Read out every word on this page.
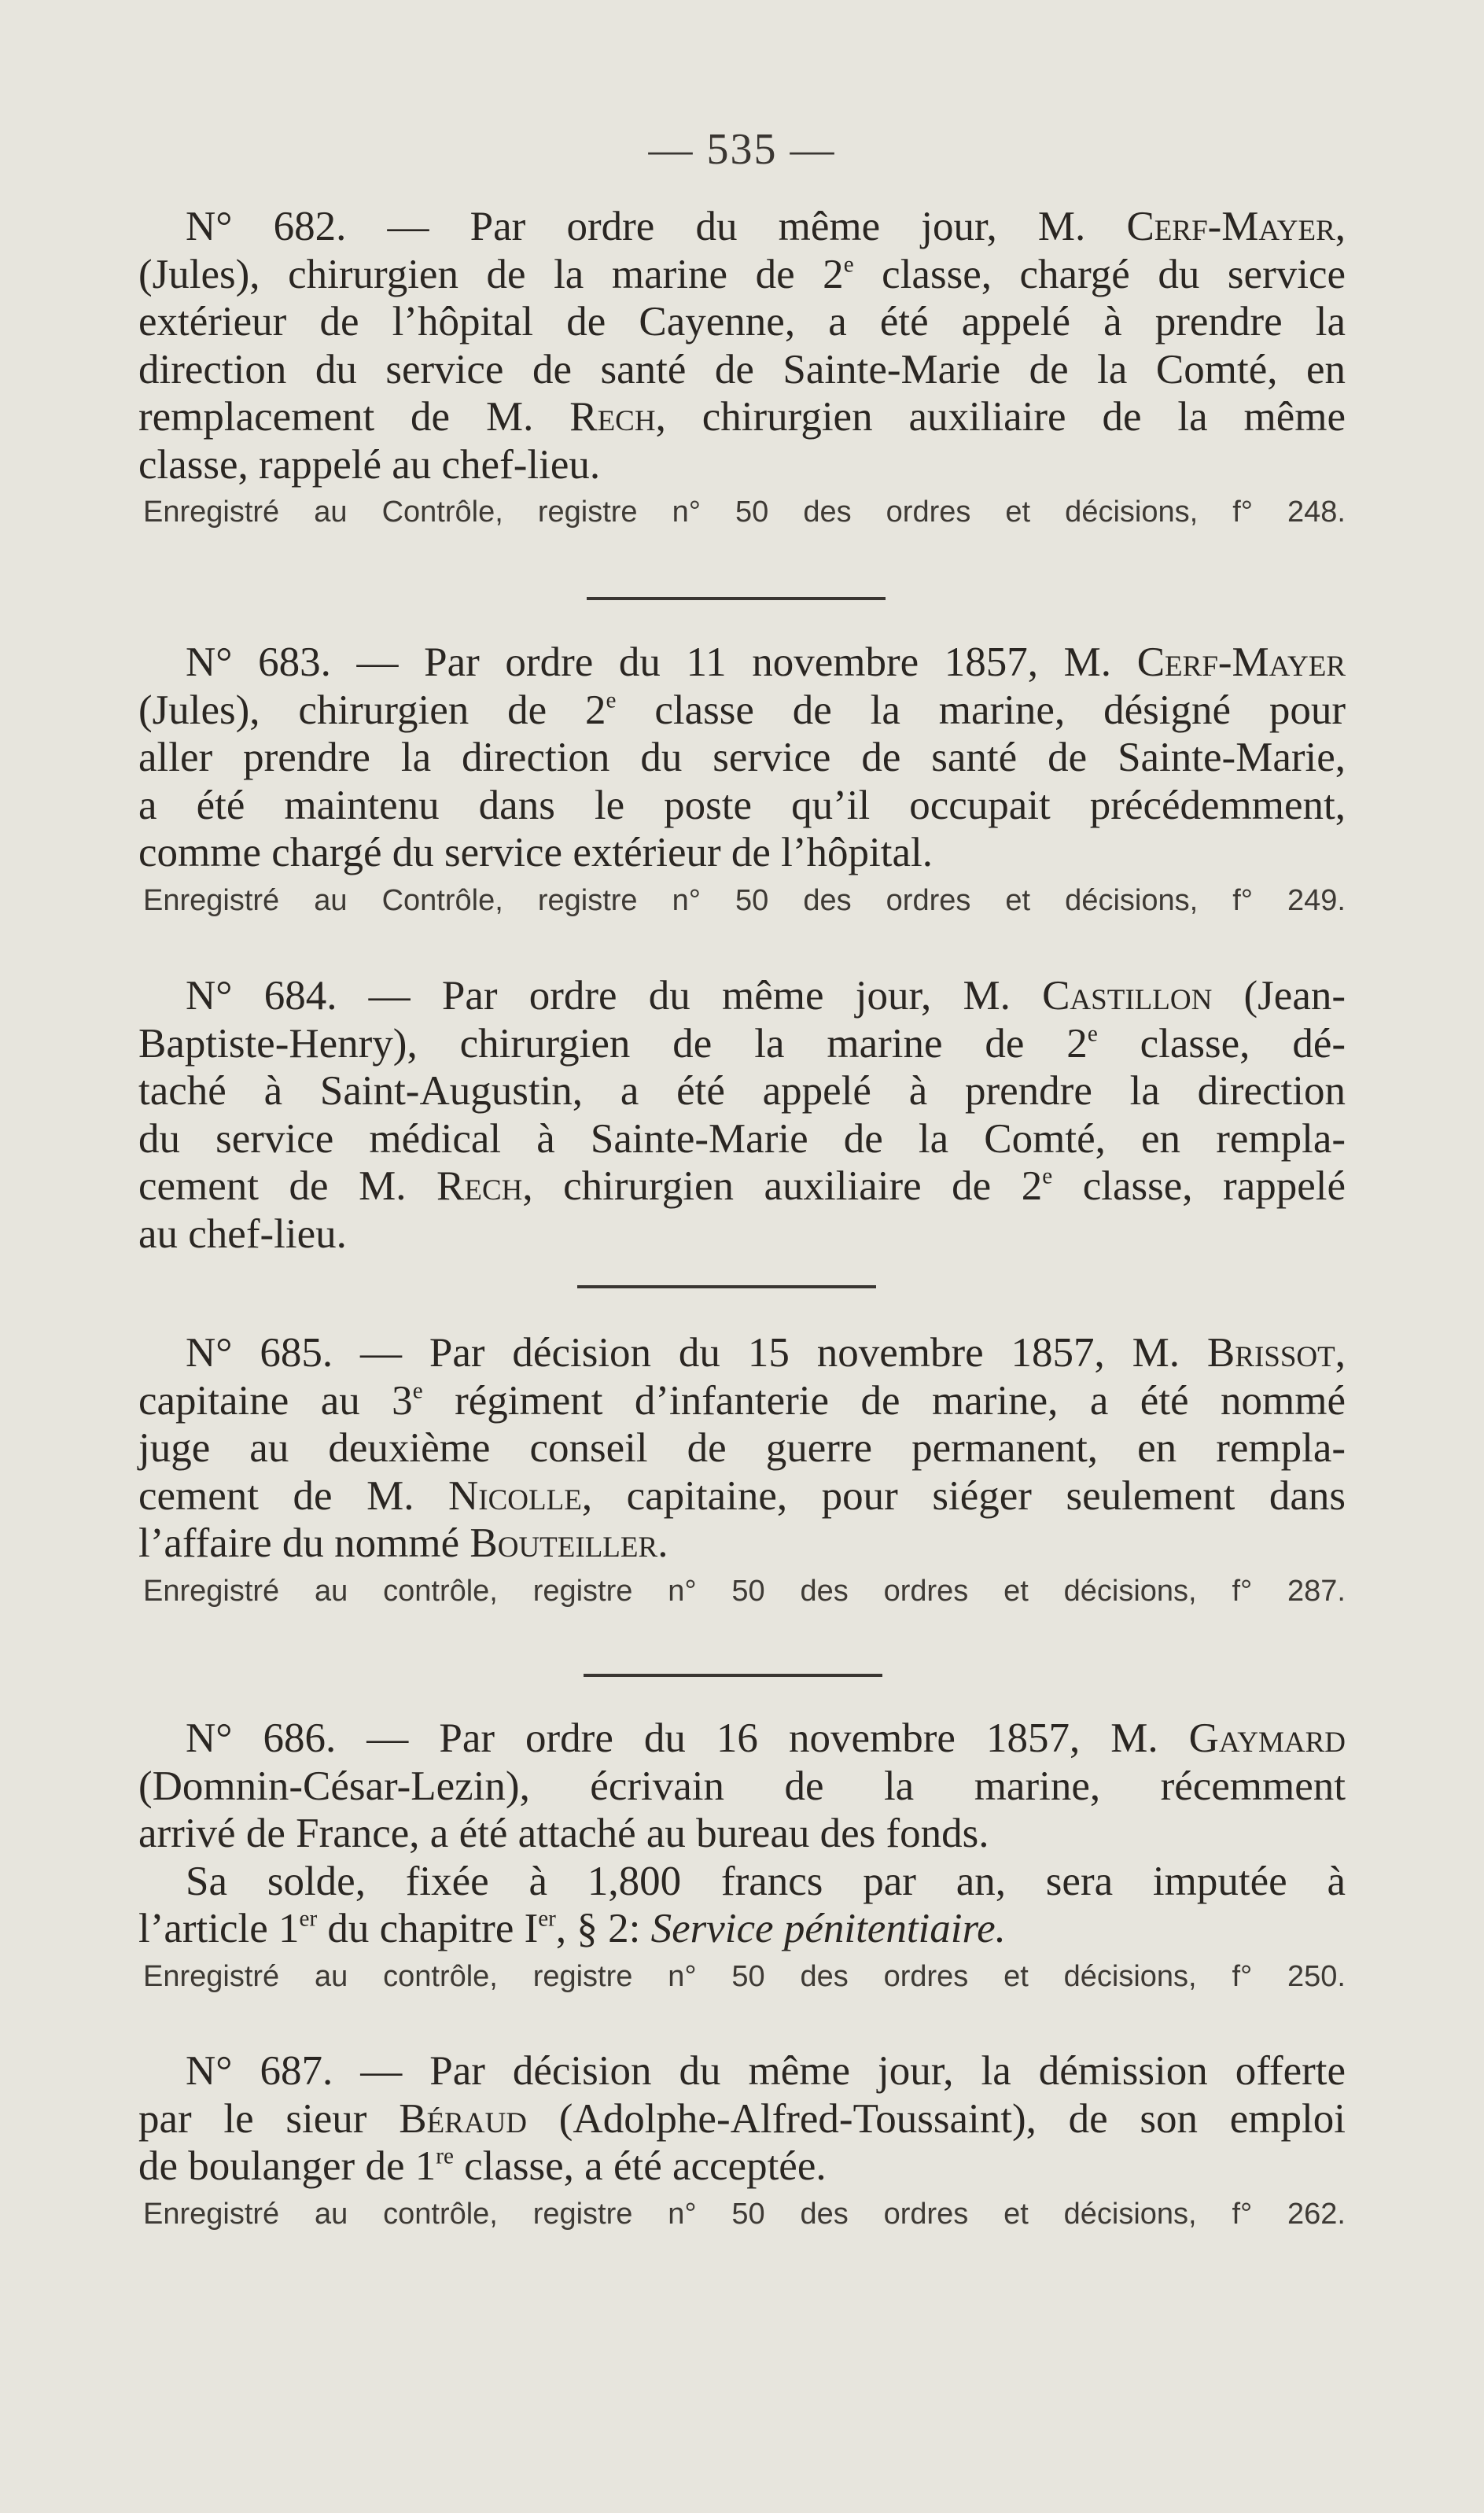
— 535 —
N° 682. — Par ordre du même jour, M. Cerf-Mayer,
(Jules), chirurgien de la marine de 2e classe, chargé du service
extérieur de l’hôpital de Cayenne, a été appelé à prendre la
direction du service de santé de Sainte-Marie de la Comté, en
remplacement de M. Rech, chirurgien auxiliaire de la même
classe, rappelé au chef-lieu.
Enregistré au Contrôle, registre n° 50 des ordres et décisions, f° 248.
N° 683. — Par ordre du 11 novembre 1857, M. Cerf-Mayer
(Jules), chirurgien de 2e classe de la marine, désigné pour
aller prendre la direction du service de santé de Sainte-Marie,
a été maintenu dans le poste qu’il occupait précédemment,
comme chargé du service extérieur de l’hôpital.
Enregistré au Contrôle, registre n° 50 des ordres et décisions, f° 249.
N° 684. — Par ordre du même jour, M. Castillon (Jean-
Baptiste-Henry), chirurgien de la marine de 2e classe, dé-
taché à Saint-Augustin, a été appelé à prendre la direction
du service médical à Sainte-Marie de la Comté, en rempla-
cement de M. Rech, chirurgien auxiliaire de 2e classe, rappelé
au chef-lieu.
N° 685. — Par décision du 15 novembre 1857, M. Brissot,
capitaine au 3e régiment d’infanterie de marine, a été nommé
juge au deuxième conseil de guerre permanent, en rempla-
cement de M. Nicolle, capitaine, pour siéger seulement dans
l’affaire du nommé Bouteiller.
Enregistré au contrôle, registre n° 50 des ordres et décisions, f° 287.
N° 686. — Par ordre du 16 novembre 1857, M. Gaymard
(Domnin-César-Lezin), écrivain de la marine, récemment
arrivé de France, a été attaché au bureau des fonds.
Sa solde, fixée à 1,800 francs par an, sera imputée à
l’article 1er du chapitre Ier, § 2: Service pénitentiaire.
Enregistré au contrôle, registre n° 50 des ordres et décisions, f° 250.
N° 687. — Par décision du même jour, la démission offerte
par le sieur Béraud (Adolphe-Alfred-Toussaint), de son emploi
de boulanger de 1re classe, a été acceptée.
Enregistré au contrôle, registre n° 50 des ordres et décisions, f° 262.
